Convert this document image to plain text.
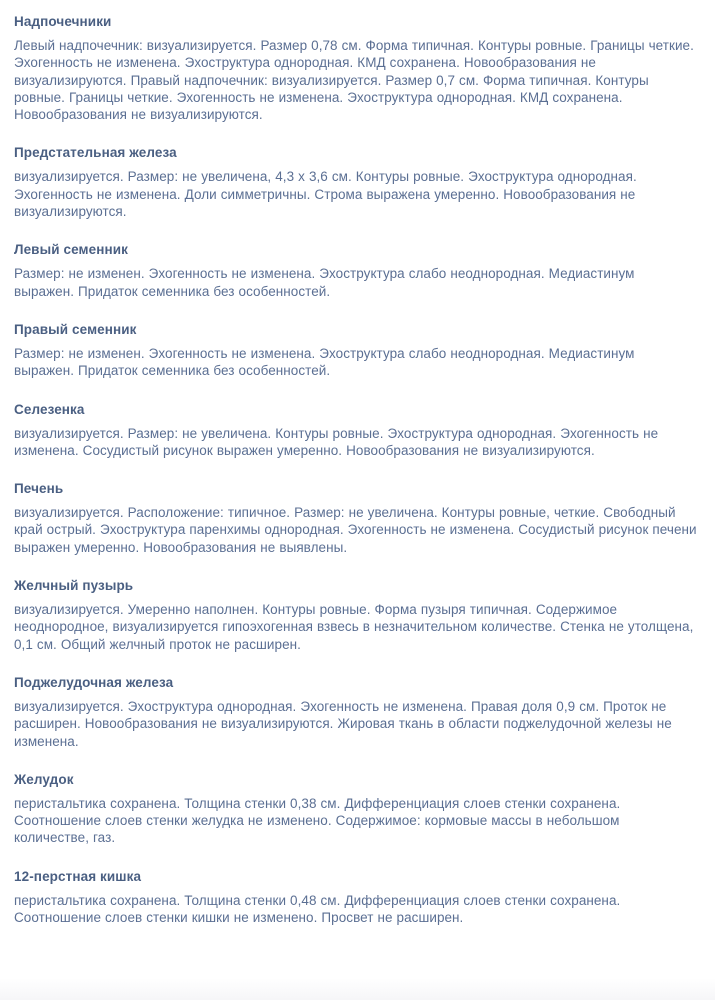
Надпочечники

Левый надпочечник: визуализируется. Размер 0,78 см. Форма типичная. Контуры ровные. Границы четкие. Эхогенность не изменена. Эхоструктура однородная. КМД сохранена. Новообразования не визуализируются. Правый надпочечник: визуализируется. Размер 0,7 см. Форма типичная. Контуры ровные. Границы четкие. Эхогенность не изменена. Эхоструктура однородная. КМД сохранена. Новообразования не визуализируются.

Предстательная железа

визуализируется. Размер: не увеличена, 4,3 х 3,6 см. Контуры ровные. Эхоструктура однородная. Эхогенность не изменена. Доли симметричны. Строма выражена умеренно. Новообразования не визуализируются.

Левый семенник

Размер: не изменен. Эхогенность не изменена. Эхоструктура слабо неоднородная. Медиастинум выражен. Придаток семенника без особенностей.

Правый семенник

Размер: не изменен. Эхогенность не изменена. Эхоструктура слабо неоднородная. Медиастинум выражен. Придаток семенника без особенностей.

Селезенка

визуализируется. Размер: не увеличена. Контуры ровные. Эхоструктура однородная. Эхогенность не изменена. Сосудистый рисунок выражен умеренно. Новообразования не визуализируются.

Печень

визуализируется. Расположение: типичное. Размер: не увеличена. Контуры ровные, четкие. Свободный край острый. Эхоструктура паренхимы однородная. Эхогенность не изменена. Сосудистый рисунок печени выражен умеренно. Новообразования не выявлены.

Желчный пузырь

визуализируется. Умеренно наполнен. Контуры ровные. Форма пузыря типичная. Содержимое неоднородное, визуализируется гипоэхогенная взвесь в незначительном количестве. Стенка не утолщена, 0,1 см. Общий желчный проток не расширен.

Поджелудочная железа

визуализируется. Эхоструктура однородная. Эхогенность не изменена. Правая доля 0,9 см. Проток не расширен. Новообразования не визуализируются. Жировая ткань в области поджелудочной железы не изменена.

Желудок

перистальтика сохранена. Толщина стенки 0,38 см. Дифференциация слоев стенки сохранена. Соотношение слоев стенки желудка не изменено. Содержимое: кормовые массы в небольшом количестве, газ.

12-перстная кишка

перистальтика сохранена. Толщина стенки 0,48 см. Дифференциация слоев стенки сохранена. Соотношение слоев стенки кишки не изменено. Просвет не расширен.
